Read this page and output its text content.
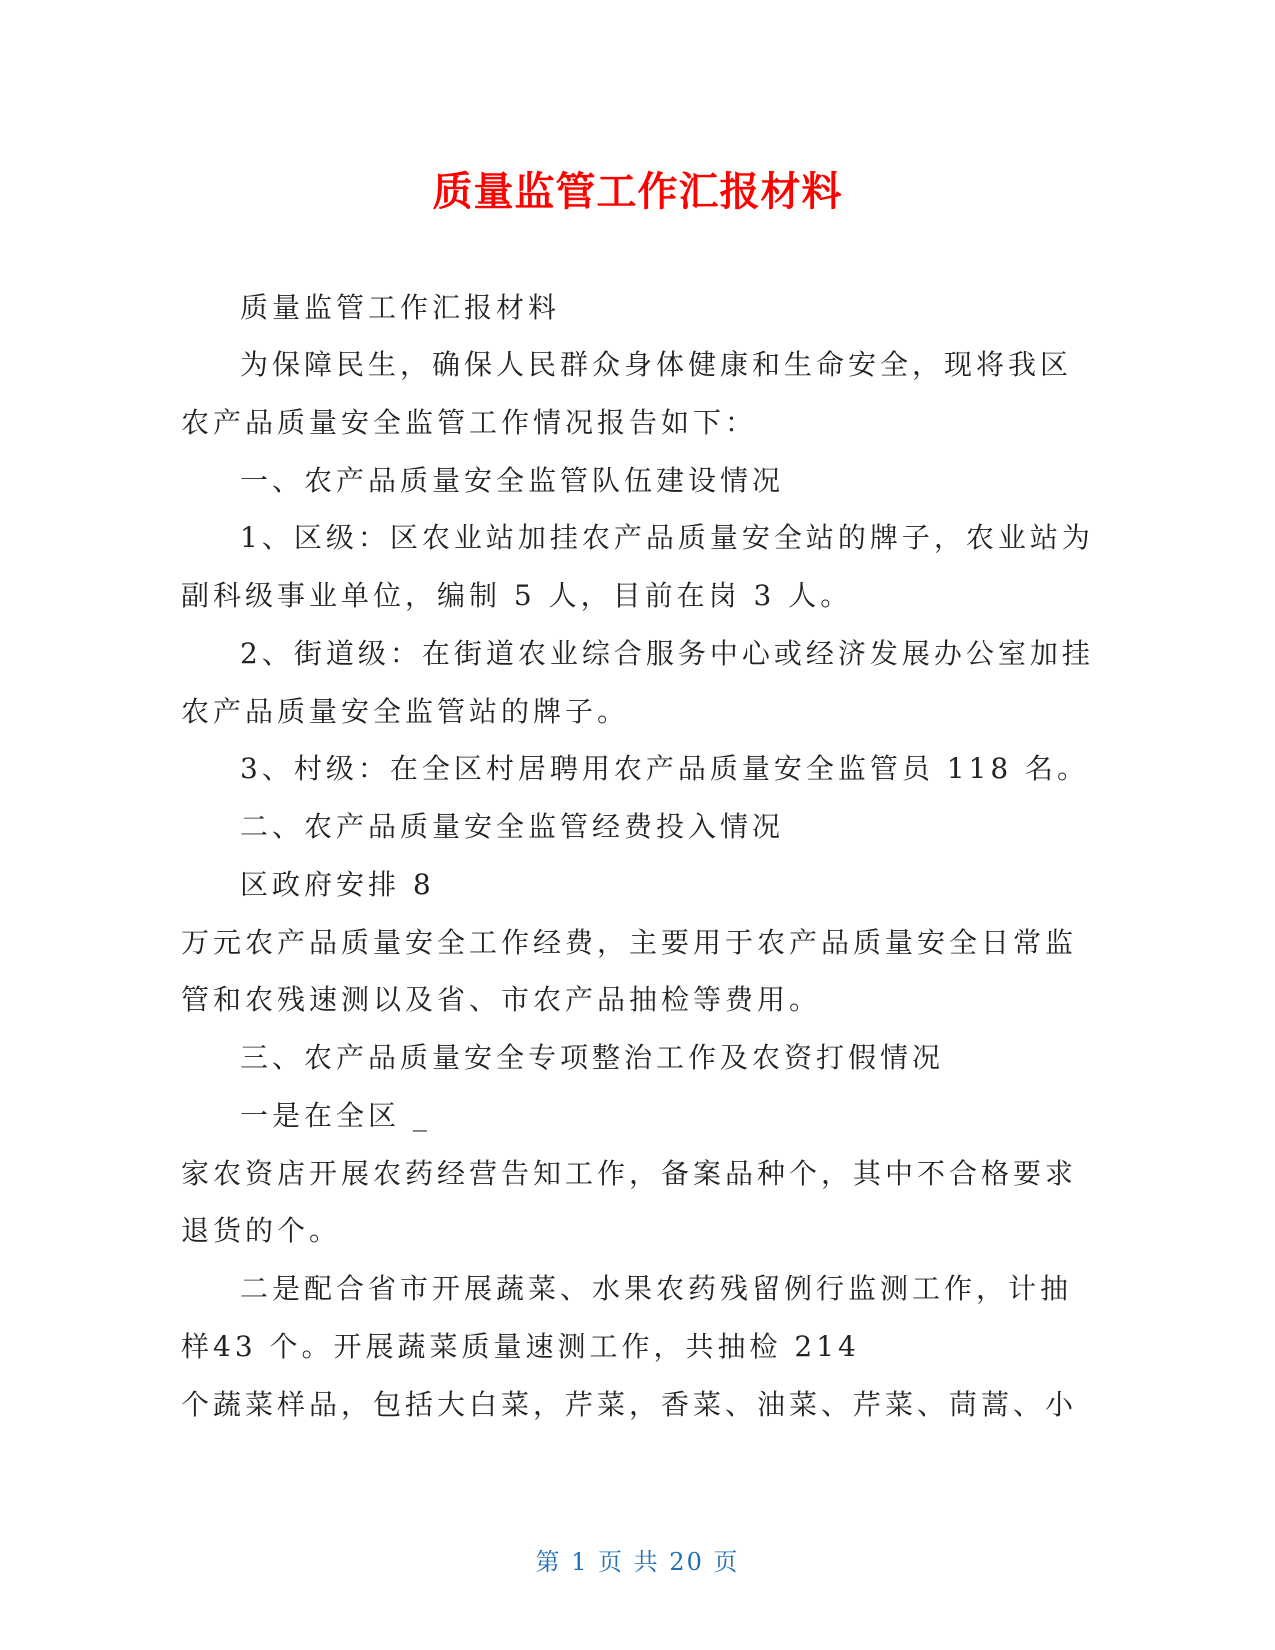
质量监管工作汇报材料
质量监管工作汇报材料
为保障民生，确保人民群众身体健康和生命安全，现将我区
农产品质量安全监管工作情况报告如下：
一、农产品质量安全监管队伍建设情况
1、区级：区农业站加挂农产品质量安全站的牌子，农业站为
副科级事业单位，编制 5 人，目前在岗 3 人。
2、街道级：在街道农业综合服务中心或经济发展办公室加挂
农产品质量安全监管站的牌子。
3、村级：在全区村居聘用农产品质量安全监管员 118 名。
二、农产品质量安全监管经费投入情况
区政府安排 8
万元农产品质量安全工作经费，主要用于农产品质量安全日常监
管和农残速测以及省、市农产品抽检等费用。
三、农产品质量安全专项整治工作及农资打假情况
一是在全区 _
家农资店开展农药经营告知工作，备案品种个，其中不合格要求
退货的个。
二是配合省市开展蔬菜、水果农药残留例行监测工作，计抽
样43 个。开展蔬菜质量速测工作，共抽检 214
个蔬菜样品，包括大白菜，芹菜，香菜、油菜、芹菜、茼蒿、小
第 1 页 共 20 页
